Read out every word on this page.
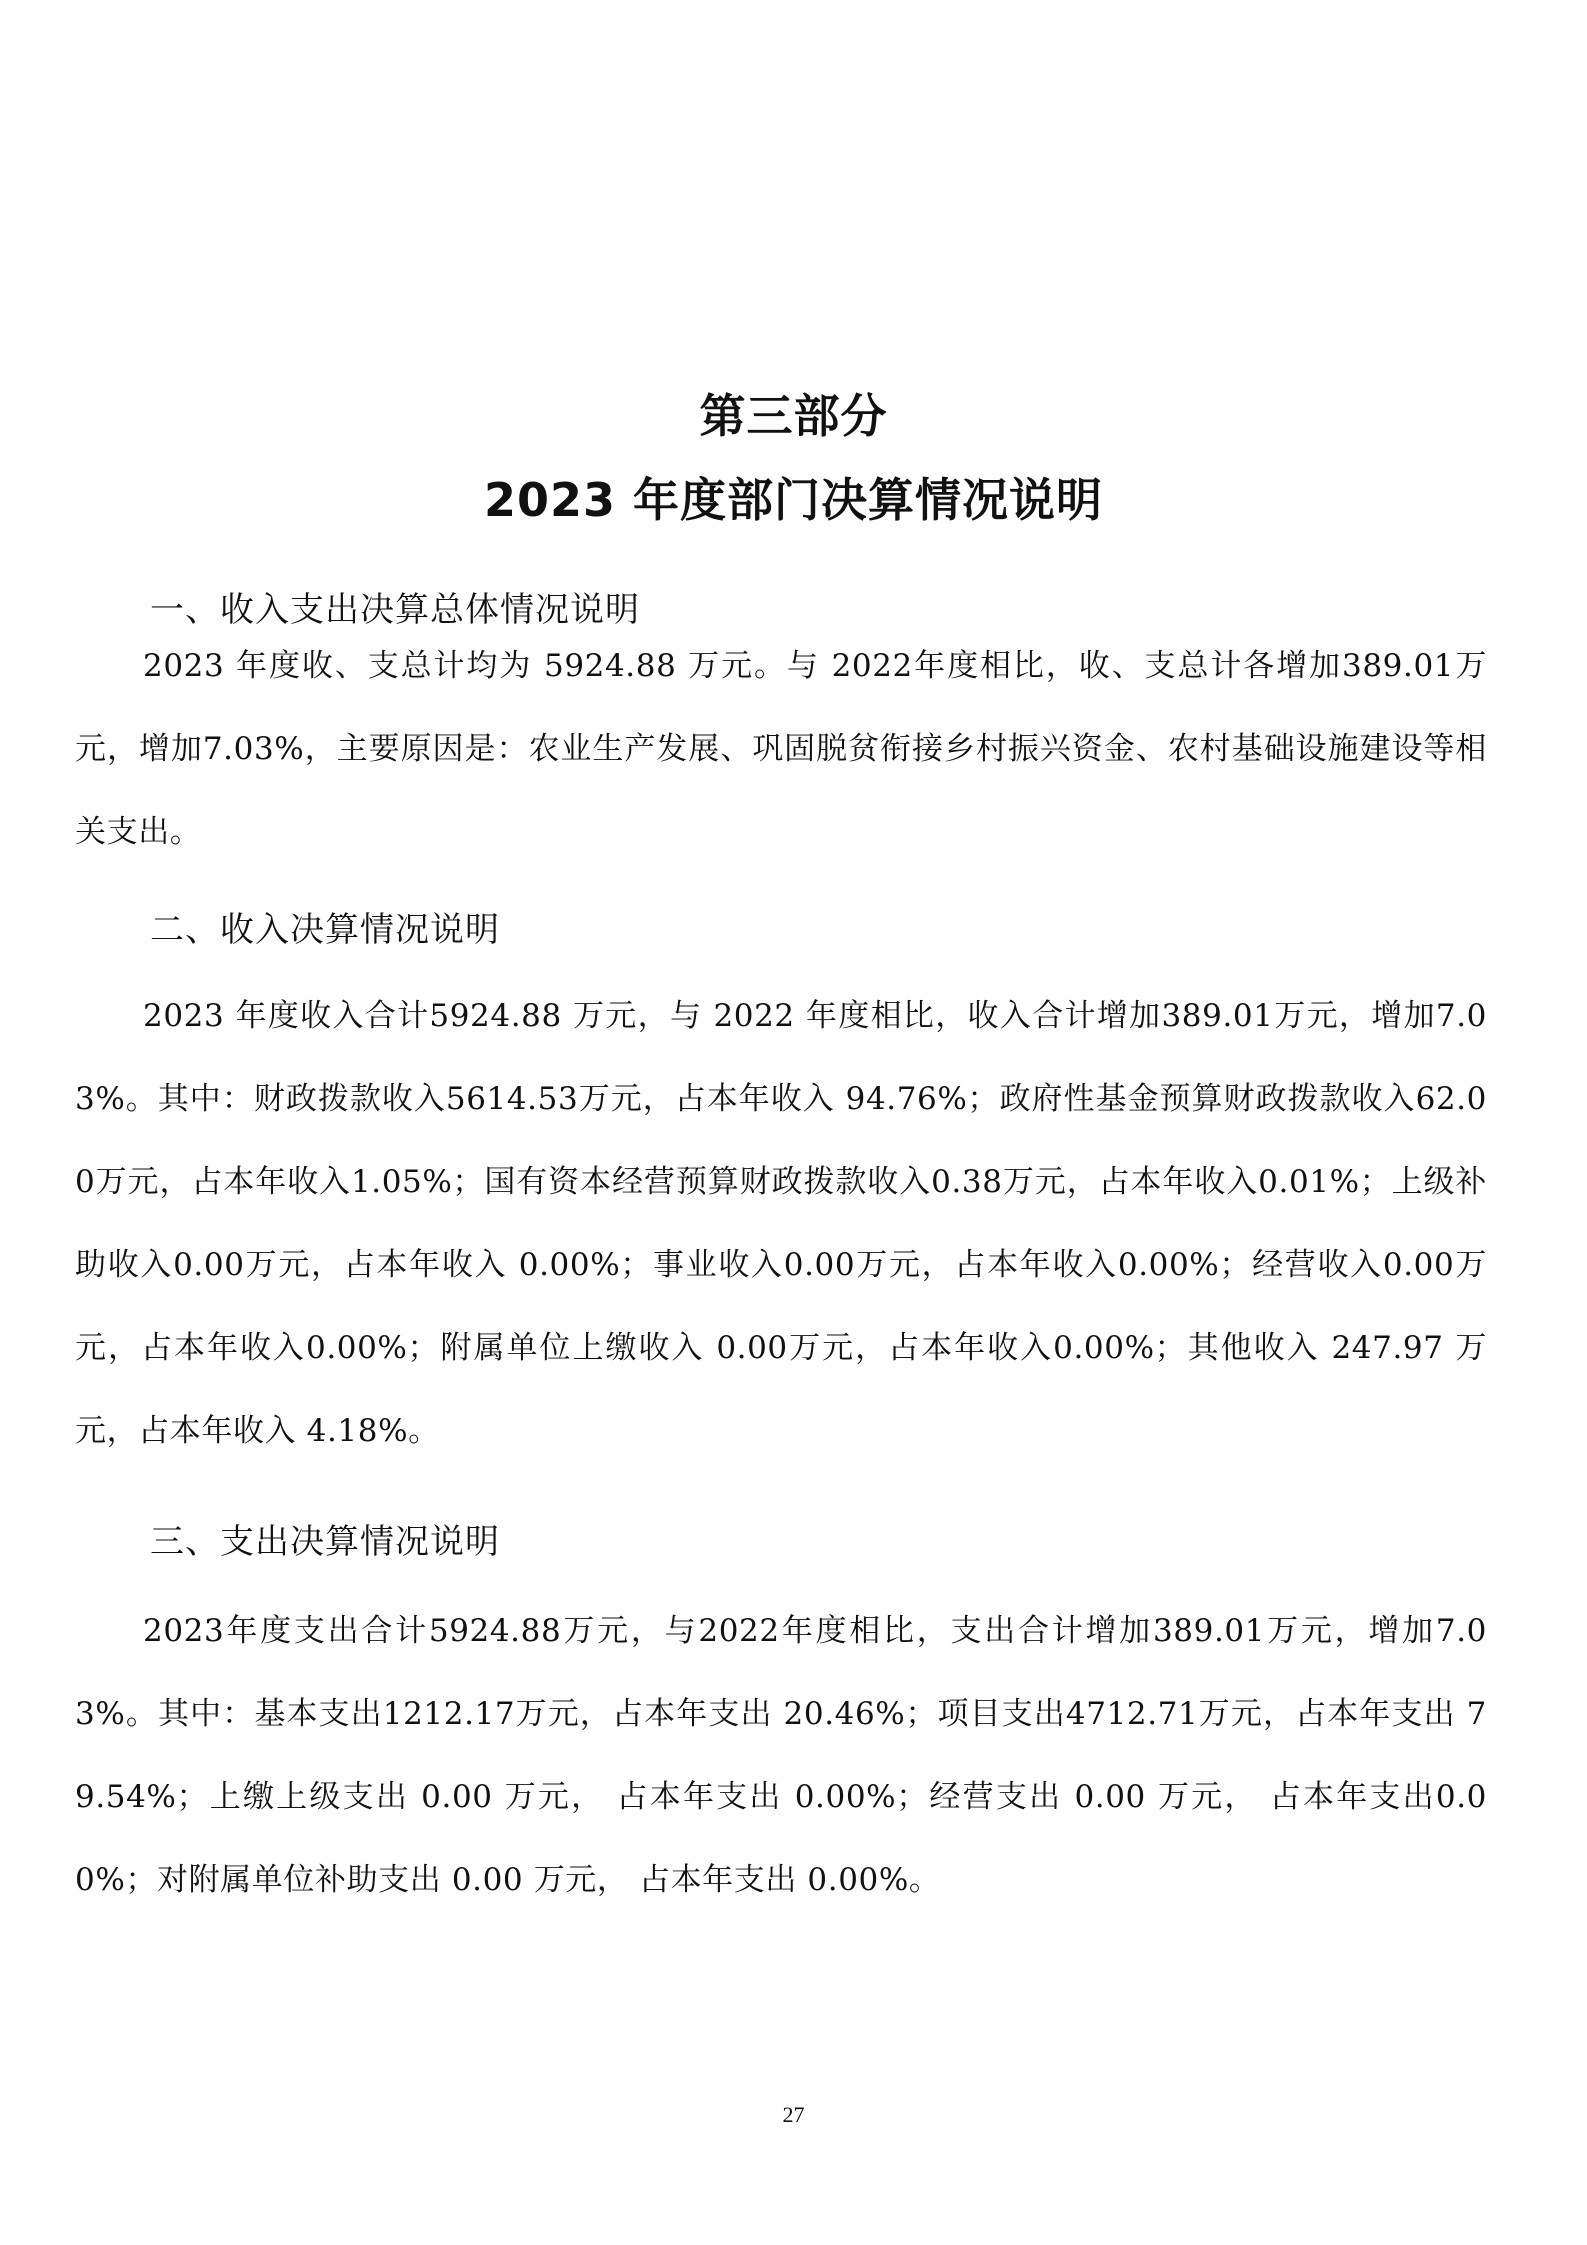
第三部分
2023 年度部门决算情况说明
一、收入支出决算总体情况说明

2023 年度收、支总计均为 5924.88 万元。与 2022年度相比，收、支总计各增加389.01万元，增加7.03%，主要原因是：农业生产发展、巩固脱贫衔接乡村振兴资金、农村基础设施建设等相关支出。

二、收入决算情况说明

2023 年度收入合计5924.88 万元，与 2022 年度相比，收入合计增加389.01万元，增加7.03%。其中：财政拨款收入5614.53万元，占本年收入 94.76%；政府性基金预算财政拨款收入62.00万元，占本年收入1.05%；国有资本经营预算财政拨款收入0.38万元，占本年收入0.01%；上级补助收入0.00万元，占本年收入 0.00%；事业收入0.00万元，占本年收入0.00%；经营收入0.00万元，占本年收入0.00%；附属单位上缴收入 0.00万元，占本年收入0.00%；其他收入 247.97 万元，占本年收入 4.18%。

三、支出决算情况说明

2023年度支出合计5924.88万元，与2022年度相比，支出合计增加389.01万元，增加7.03%。其中：基本支出1212.17万元，占本年支出 20.46%；项目支出4712.71万元，占本年支出 79.54%；上缴上级支出 0.00 万元， 占本年支出 0.00%；经营支出 0.00 万元， 占本年支出0.00%；对附属单位补助支出 0.00 万元， 占本年支出 0.00%。

27
